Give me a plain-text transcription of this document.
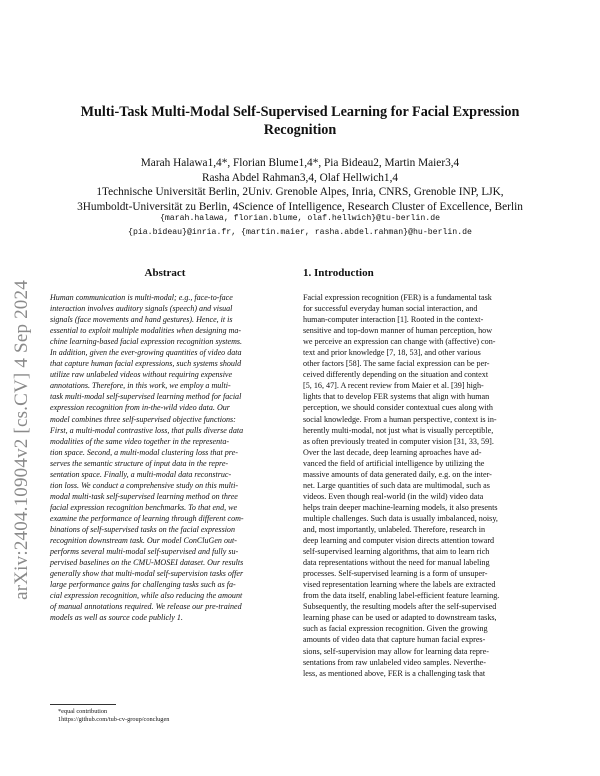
arXiv:2404.10904v2 [cs.CV] 4 Sep 2024
Multi-Task Multi-Modal Self-Supervised Learning for Facial Expression
Recognition
Marah Halawa1,4*, Florian Blume1,4*, Pia Bideau2, Martin Maier3,4
Rasha Abdel Rahman3,4, Olaf Hellwich1,4
1Technische Universität Berlin, 2Univ. Grenoble Alpes, Inria, CNRS, Grenoble INP, LJK,
3Humboldt-Universität zu Berlin, 4Science of Intelligence, Research Cluster of Excellence, Berlin
{marah.halawa, florian.blume, olaf.hellwich}@tu-berlin.de
{pia.bideau}@inria.fr, {martin.maier, rasha.abdel.rahman}@hu-berlin.de
Abstract
Human communication is multi-modal; e.g., face-to-face
interaction involves auditory signals (speech) and visual
signals (face movements and hand gestures). Hence, it is
essential to exploit multiple modalities when designing ma-
chine learning-based facial expression recognition systems.
In addition, given the ever-growing quantities of video data
that capture human facial expressions, such systems should
utilize raw unlabeled videos without requiring expensive
annotations. Therefore, in this work, we employ a multi-
task multi-modal self-supervised learning method for facial
expression recognition from in-the-wild video data. Our
model combines three self-supervised objective functions:
First, a multi-modal contrastive loss, that pulls diverse data
modalities of the same video together in the representa-
tion space. Second, a multi-modal clustering loss that pre-
serves the semantic structure of input data in the repre-
sentation space. Finally, a multi-modal data reconstruc-
tion loss. We conduct a comprehensive study on this multi-
modal multi-task self-supervised learning method on three
facial expression recognition benchmarks. To that end, we
examine the performance of learning through different com-
binations of self-supervised tasks on the facial expression
recognition downstream task. Our model ConCluGen out-
performs several multi-modal self-supervised and fully su-
pervised baselines on the CMU-MOSEI dataset. Our results
generally show that multi-modal self-supervision tasks offer
large performance gains for challenging tasks such as fa-
cial expression recognition, while also reducing the amount
of manual annotations required. We release our pre-trained
models as well as source code publicly 1.
*equal contribution
1https://github.com/tub-cv-group/conclugen
1. Introduction
Facial expression recognition (FER) is a fundamental task
for successful everyday human social interaction, and
human-computer interaction [1]. Rooted in the context-
sensitive and top-down manner of human perception, how
we perceive an expression can change with (affective) con-
text and prior knowledge [7, 18, 53], and other various
other factors [58]. The same facial expression can be per-
ceived differently depending on the situation and context
[5, 16, 47]. A recent review from Maier et al. [39] high-
lights that to develop FER systems that align with human
perception, we should consider contextual cues along with
social knowledge. From a human perspective, context is in-
herently multi-modal, not just what is visually perceptible,
as often previously treated in computer vision [31, 33, 59].
Over the last decade, deep learning aproaches have ad-
vanced the field of artificial intelligence by utilizing the
massive amounts of data generated daily, e.g. on the inter-
net. Large quantities of such data are multimodal, such as
videos. Even though real-world (in the wild) video data
helps train deeper machine-learning models, it also presents
multiple challenges. Such data is usually imbalanced, noisy,
and, most importantly, unlabeled. Therefore, research in
deep learning and computer vision directs attention toward
self-supervised learning algorithms, that aim to learn rich
data representations without the need for manual labeling
processes. Self-supervised learning is a form of unsuper-
vised representation learning where the labels are extracted
from the data itself, enabling label-efficient feature learning.
Subsequently, the resulting models after the self-supervised
learning phase can be used or adapted to downstream tasks,
such as facial expression recognition. Given the growing
amounts of video data that capture human facial expres-
sions, self-supervision may allow for learning data repre-
sentations from raw unlabeled video samples. Neverthe-
less, as mentioned above, FER is a challenging task that
